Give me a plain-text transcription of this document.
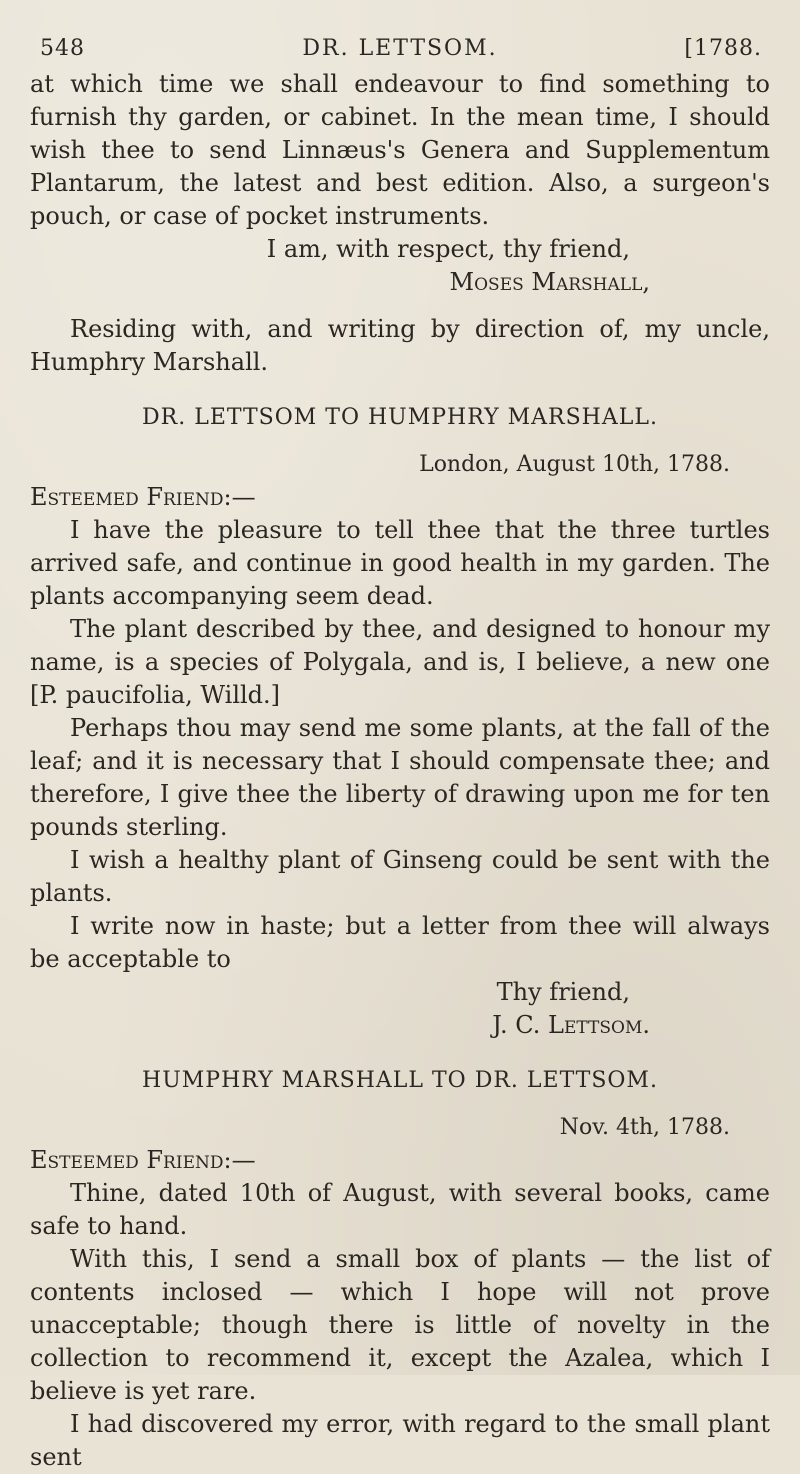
548	DR. LETTSOM.	[1788.

at which time we shall endeavour to find something to furnish thy garden, or cabinet. In the mean time, I should wish thee to send Linnæus's Genera and Supplementum Plantarum, the latest and best edition. Also, a surgeon's pouch, or case of pocket instruments.

I am, with respect, thy friend,

Moses Marshall,

Residing with, and writing by direction of, my uncle, Humphry Marshall.

DR. LETTSOM TO HUMPHRY MARSHALL.

London, August 10th, 1788.

Esteemed Friend:—

I have the pleasure to tell thee that the three turtles arrived safe, and continue in good health in my garden. The plants accompanying seem dead.

The plant described by thee, and designed to honour my name, is a species of Polygala, and is, I believe, a new one [P. paucifolia, Willd.]

Perhaps thou may send me some plants, at the fall of the leaf; and it is necessary that I should compensate thee; and therefore, I give thee the liberty of drawing upon me for ten pounds sterling.

I wish a healthy plant of Ginseng could be sent with the plants.

I write now in haste; but a letter from thee will always be acceptable to

Thy friend,

J. C. Lettsom.

HUMPHRY MARSHALL TO DR. LETTSOM.

Nov. 4th, 1788.

Esteemed Friend:—

Thine, dated 10th of August, with several books, came safe to hand.

With this, I send a small box of plants — the list of contents inclosed — which I hope will not prove unacceptable; though there is little of novelty in the collection to recommend it, except the Azalea, which I believe is yet rare.

I had discovered my error, with regard to the small plant sent
